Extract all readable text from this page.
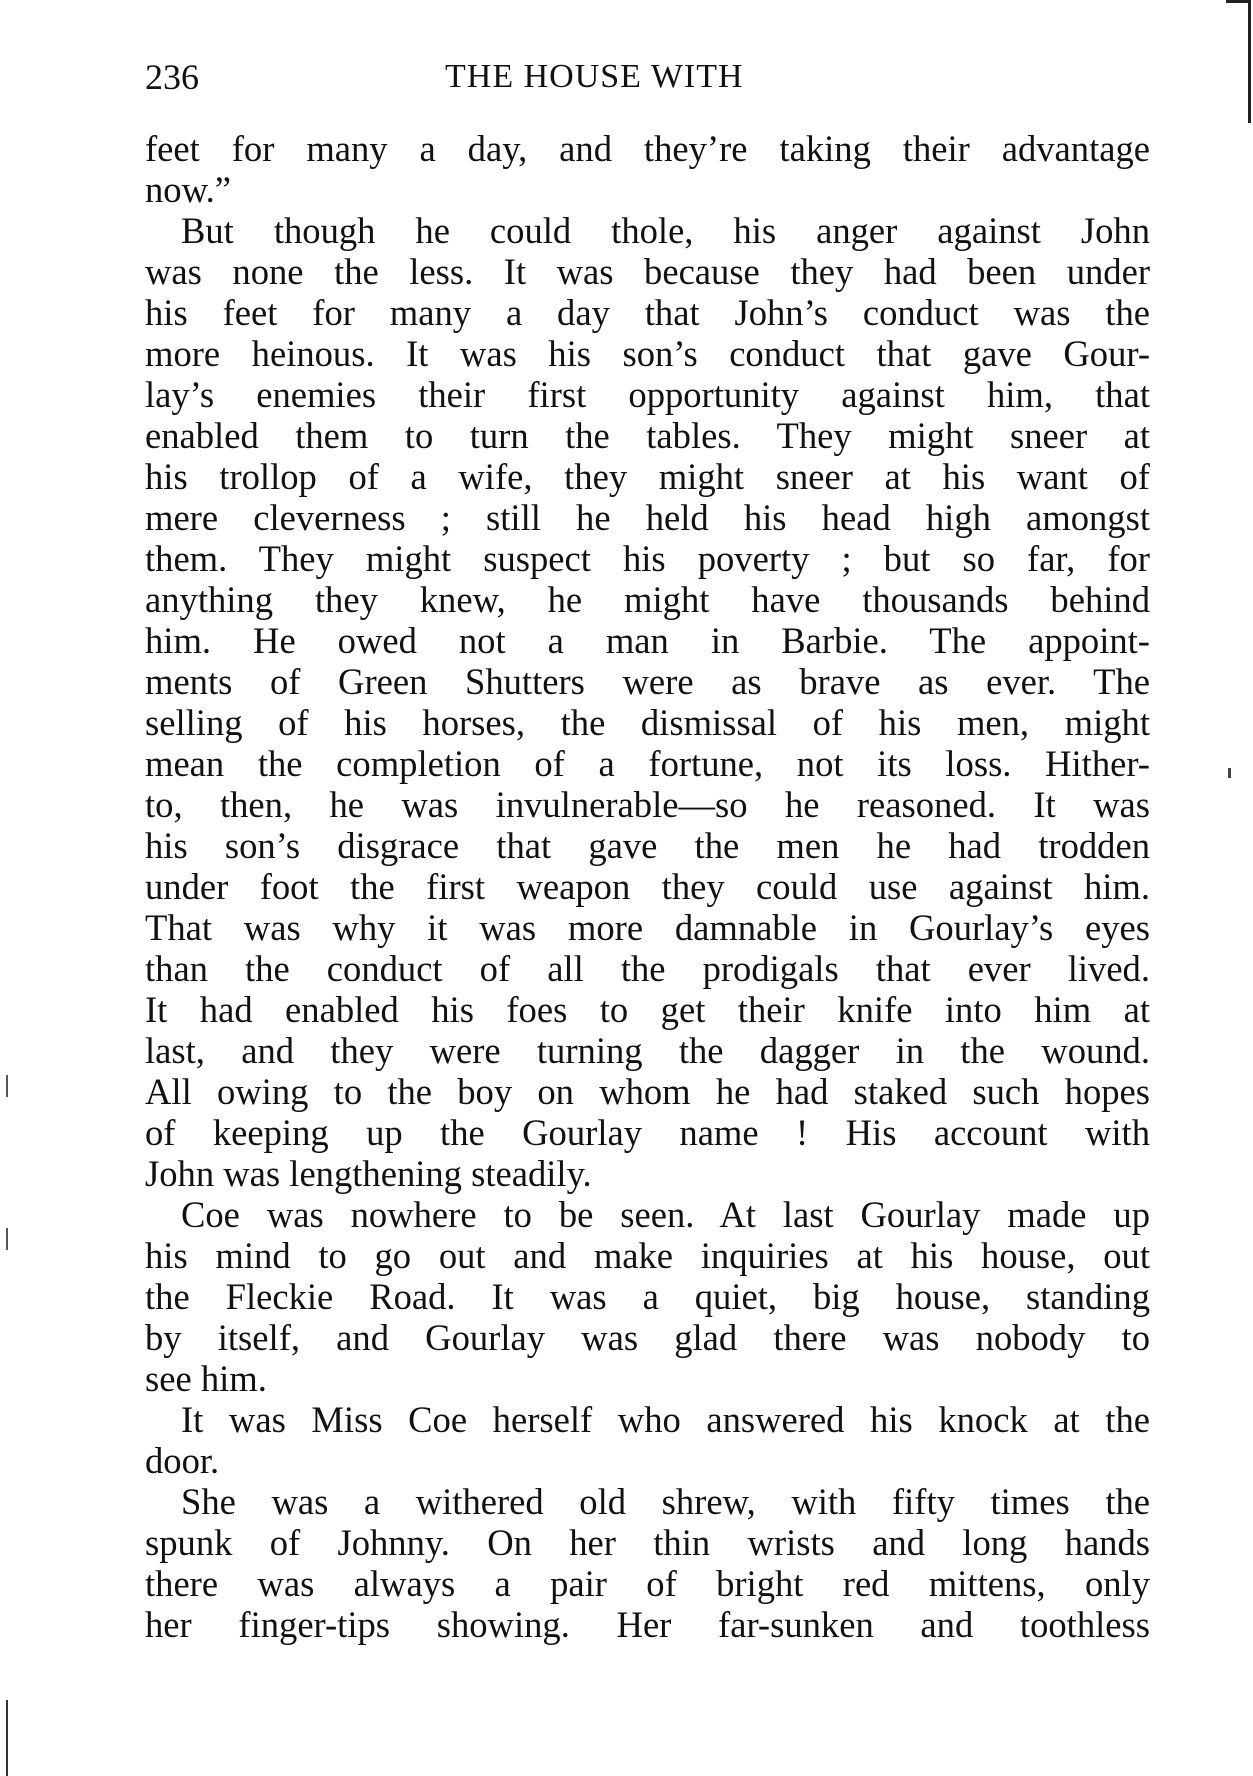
236	THE HOUSE WITH
feet for many a day, and they’re taking their advantage
now.”
But though he could thole, his anger against John
was none the less. It was because they had been under
his feet for many a day that John’s conduct was the
more heinous. It was his son’s conduct that gave Gour-
lay’s enemies their first opportunity against him, that
enabled them to turn the tables. They might sneer at
his trollop of a wife, they might sneer at his want of
mere cleverness ; still he held his head high amongst
them. They might suspect his poverty ; but so far, for
anything they knew, he might have thousands behind
him. He owed not a man in Barbie. The appoint-
ments of Green Shutters were as brave as ever. The
selling of his horses, the dismissal of his men, might
mean the completion of a fortune, not its loss. Hither-
to, then, he was invulnerable—so he reasoned. It was
his son’s disgrace that gave the men he had trodden
under foot the first weapon they could use against him.
That was why it was more damnable in Gourlay’s eyes
than the conduct of all the prodigals that ever lived.
It had enabled his foes to get their knife into him at
last, and they were turning the dagger in the wound.
All owing to the boy on whom he had staked such hopes
of keeping up the Gourlay name ! His account with
John was lengthening steadily.
Coe was nowhere to be seen. At last Gourlay made up
his mind to go out and make inquiries at his house, out
the Fleckie Road. It was a quiet, big house, standing
by itself, and Gourlay was glad there was nobody to
see him.
It was Miss Coe herself who answered his knock at the
door.
She was a withered old shrew, with fifty times the
spunk of Johnny. On her thin wrists and long hands
there was always a pair of bright red mittens, only
her finger-tips showing. Her far-sunken and toothless
